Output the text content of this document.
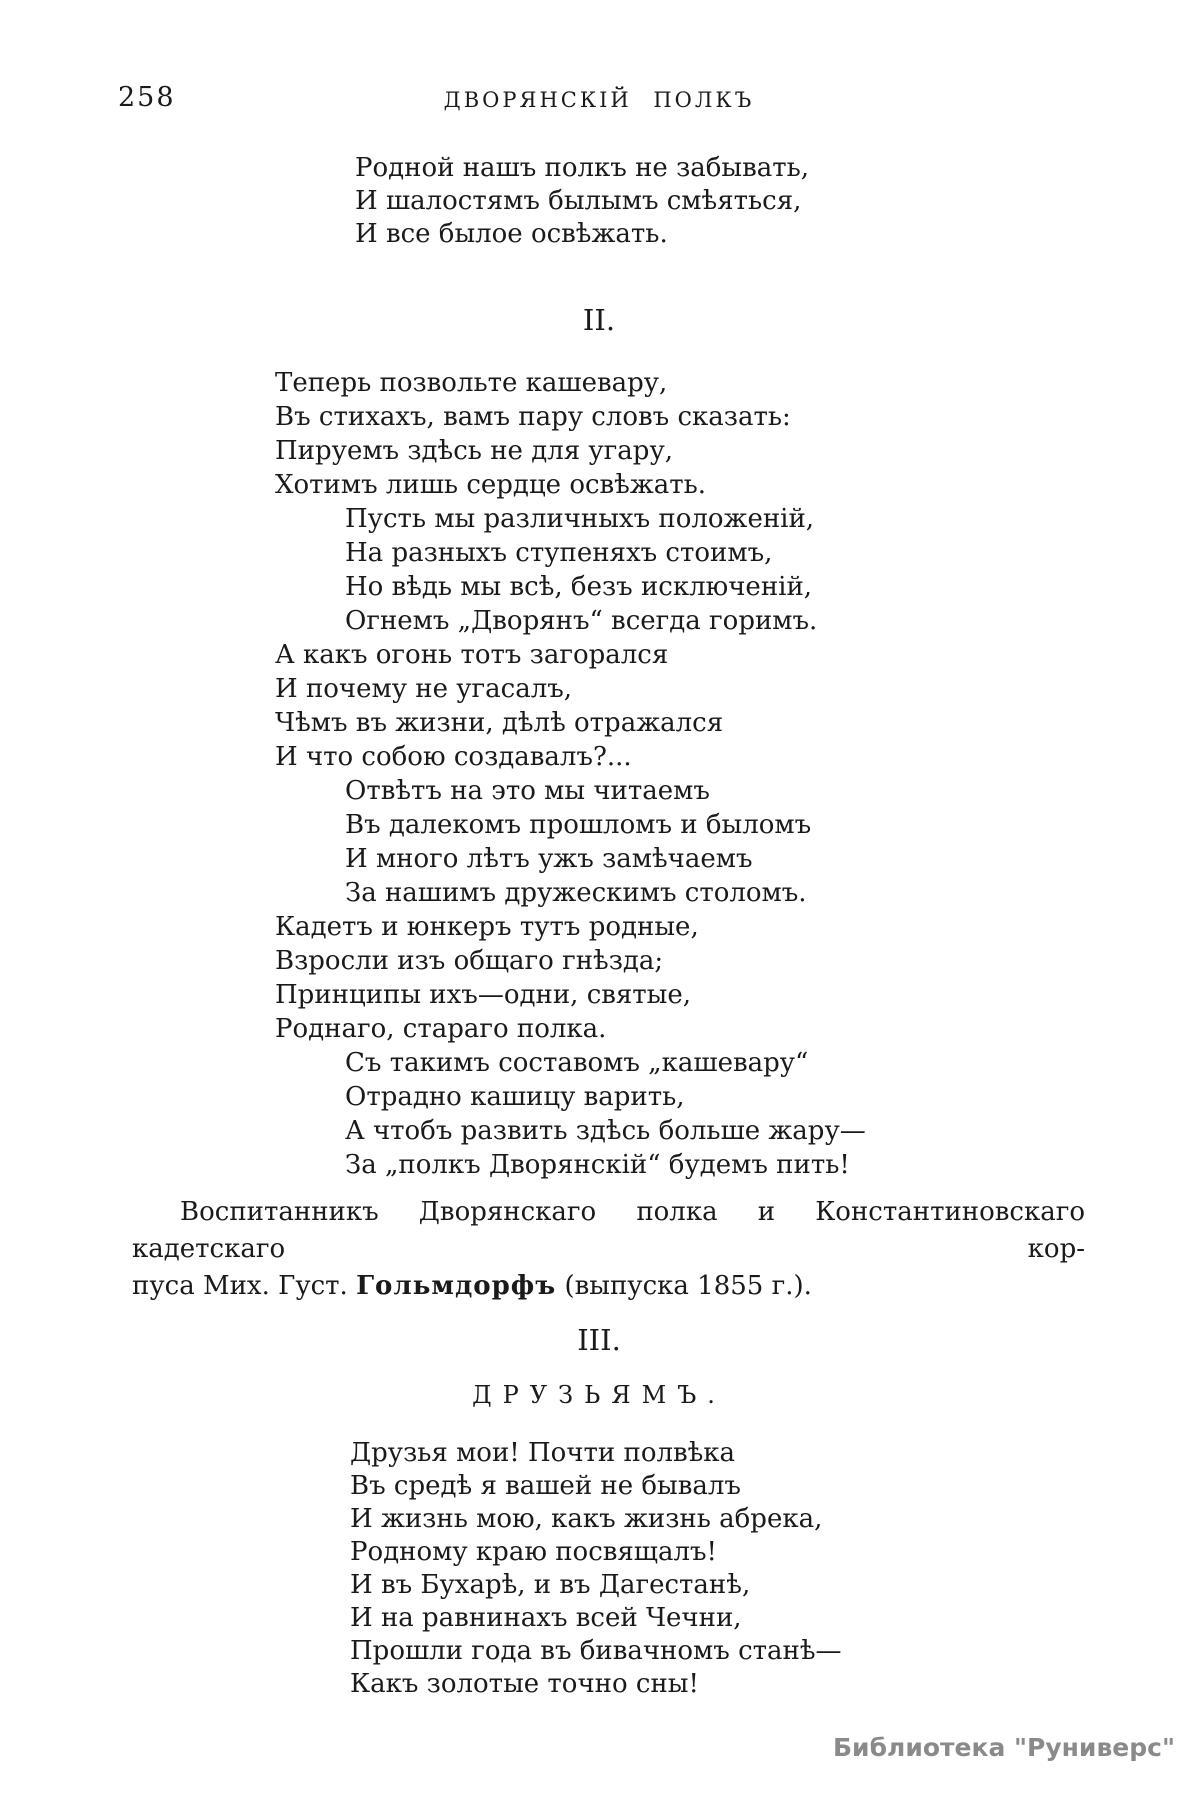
258	ДВОРЯНСКІЙ ПОЛКЪ
Родной нашъ полкъ не забывать,
И шалостямъ былымъ смѣяться,
И все былое освѣжать.
II.
Теперь позвольте кашевару,
Въ стихахъ, вамъ пару словъ сказать:
Пируемъ здѣсь не для угару,
Хотимъ лишь сердце освѣжать.
Пусть мы различныхъ положеній,
На разныхъ ступеняхъ стоимъ,
Но вѣдь мы всѣ, безъ исключеній,
Огнемъ „Дворянъ“ всегда горимъ.
А какъ огонь тотъ загорался
И почему не угасалъ,
Чѣмъ въ жизни, дѣлѣ отражался
И что собою создавалъ?...
Отвѣтъ на это мы читаемъ
Въ далекомъ прошломъ и быломъ
И много лѣтъ ужъ замѣчаемъ
За нашимъ дружескимъ столомъ.
Кадетъ и юнкеръ тутъ родные,
Взросли изъ общаго гнѣзда;
Принципы ихъ—одни, святые,
Роднаго, стараго полка.
Съ такимъ составомъ „кашевару“
Отрадно кашицу варить,
А чтобъ развить здѣсь больше жару—
За „полкъ Дворянскій“ будемъ пить!
Воспитанникъ Дворянскаго полка и Константиновскаго кадетскаго кор-
пуса Мих. Густ. Гольмдорфъ (выпуска 1855 г.).
III.
ДРУЗЬЯМЪ.
Друзья мои! Почти полвѣка
Въ средѣ я вашей не бывалъ
И жизнь мою, какъ жизнь абрека,
Родному краю посвящалъ!
И въ Бухарѣ, и въ Дагестанѣ,
И на равнинахъ всей Чечни,
Прошли года въ бивачномъ станѣ—
Какъ золотые точно сны!
Библиотека "Руниверс"
